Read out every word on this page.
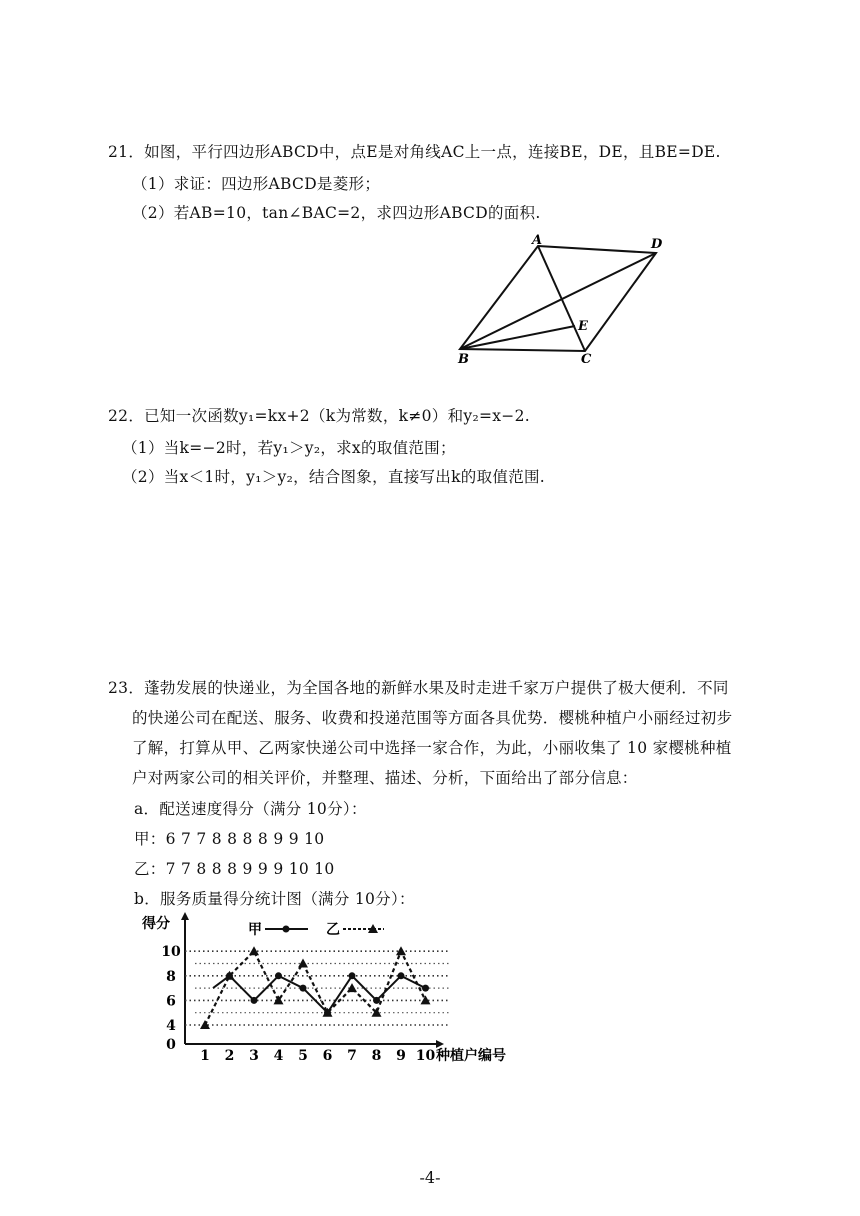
21．如图，平行四边形ABCD中，点E是对角线AC上一点，连接BE，DE，且BE=DE.
（1）求证：四边形ABCD是菱形；
（2）若AB=10，tan∠BAC=2，求四边形ABCD的面积.
A	D
B	C
E
22．已知一次函数y₁=kx+2（k为常数，k≠0）和y₂=x−2.
（1）当k=−2时，若y₁＞y₂，求x的取值范围；
（2）当x＜1时，y₁＞y₂，结合图象，直接写出k的取值范围.
23．蓬勃发展的快递业，为全国各地的新鲜水果及时走进千家万户提供了极大便利．不同
的快递公司在配送、服务、收费和投递范围等方面各具优势．樱桃种植户小丽经过初步
了解，打算从甲、乙两家快递公司中选择一家合作，为此，小丽收集了 10 家樱桃种植
户对两家公司的相关评价，并整理、描述、分析，下面给出了部分信息：
a．配送速度得分（满分 10分）：
甲：6 7 7 8 8 8 8 9 9 10
乙：7 7 8 8 8 9 9 9 10 10
b．服务质量得分统计图（满分 10分）：
得分
种植户编号
0
4
6
8
10
1 2 3 4 5 6 7 8 9 10
甲	乙
-4-
